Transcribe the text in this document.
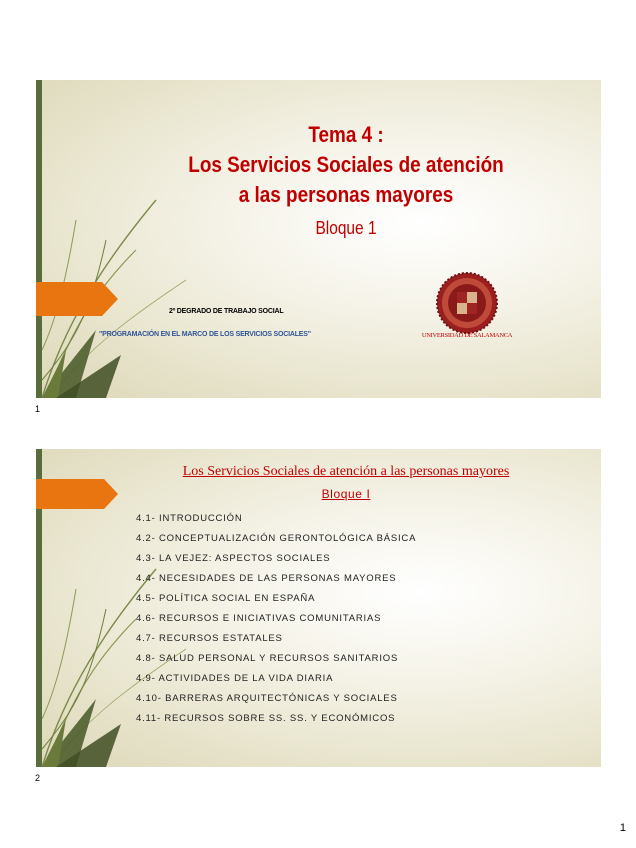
Tema 4 :
Los Servicios Sociales de atención
a las personas mayores
Bloque 1
2º DEGRADO DE TRABAJO SOCIAL
"PROGRAMACIÓN EN EL MARCO DE LOS SERVICIOS SOCIALES"	UNIVERSIDAD DE SALAMANCA
1
Los Servicios Sociales de atención a las personas mayores
Bloque I
4.1- INTRODUCCIÓN
4.2- CONCEPTUALIZACIÓN GERONTOLÓGICA BÁSICA
4.3- LA VEJEZ: ASPECTOS SOCIALES
4.4- NECESIDADES DE LAS PERSONAS MAYORES
4.5- POLÍTICA SOCIAL EN ESPAÑA
4.6- RECURSOS E INICIATIVAS COMUNITARIAS
4.7- RECURSOS ESTATALES
4.8- SALUD PERSONAL Y RECURSOS SANITARIOS
4.9- ACTIVIDADES DE LA VIDA DIARIA
4.10- BARRERAS ARQUITECTÓNICAS Y SOCIALES
4.11- RECURSOS SOBRE SS. SS. Y ECONÓMICOS
2
1
